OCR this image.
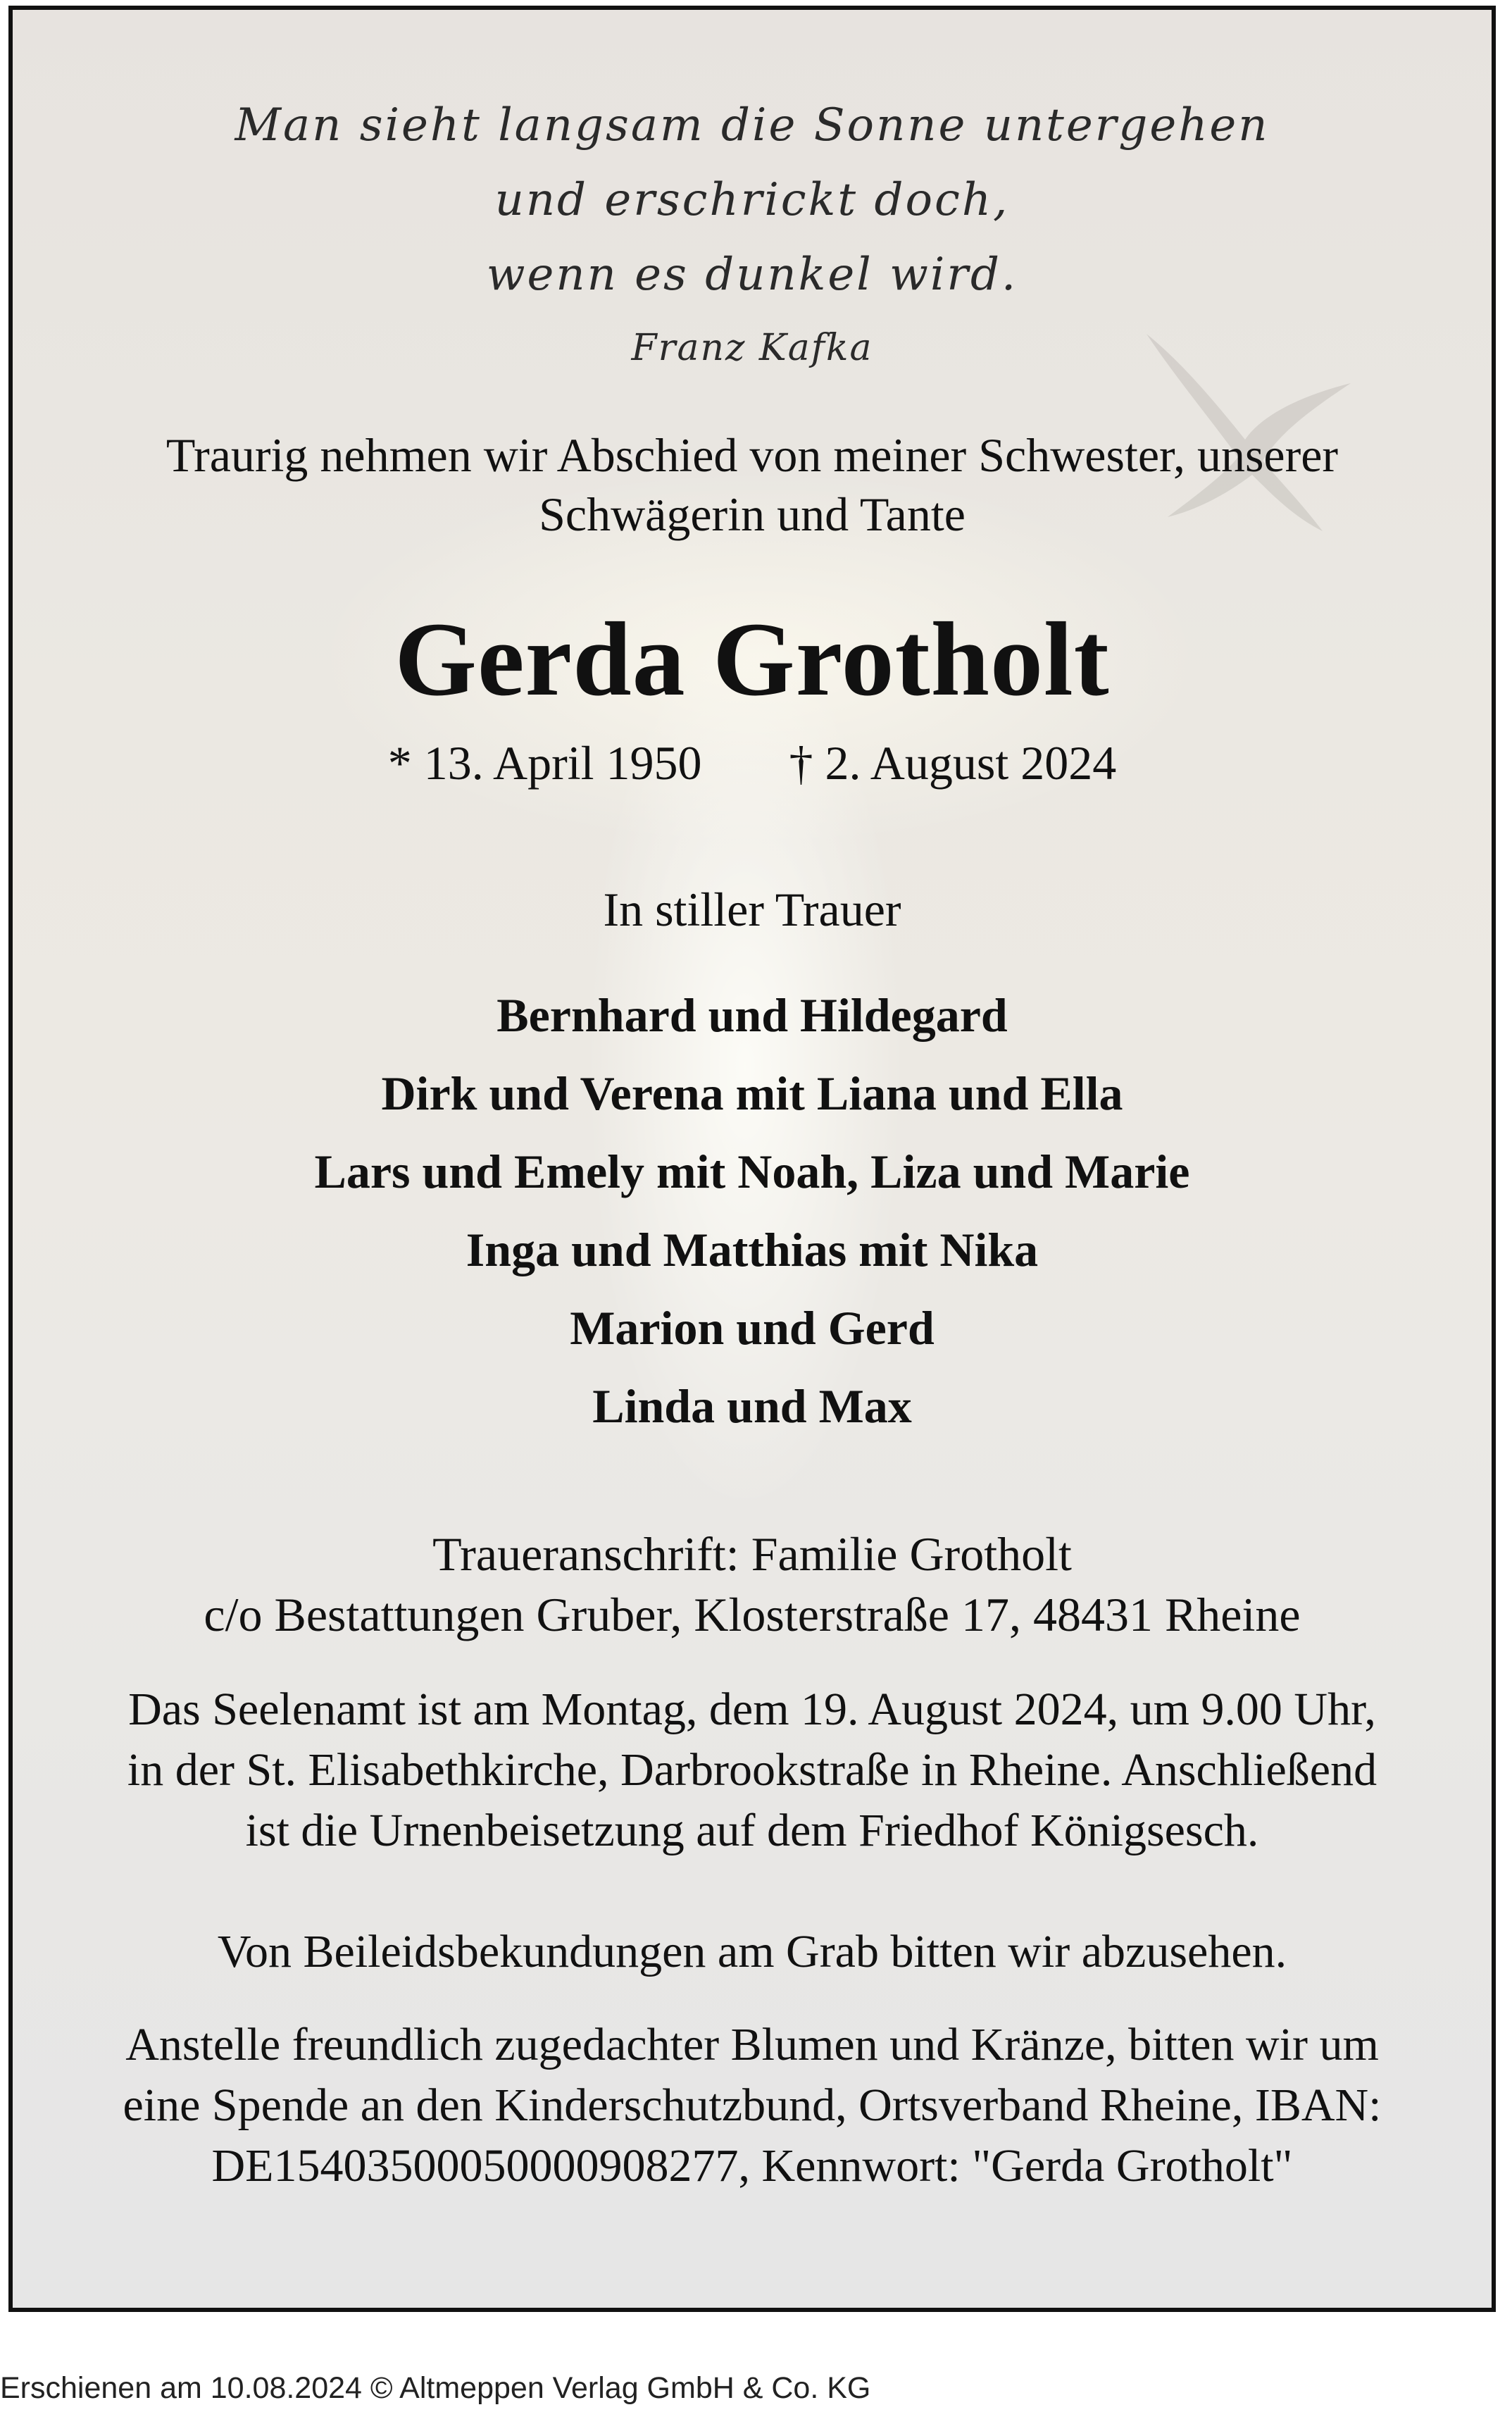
Man sieht langsam die Sonne untergehen
und erschrickt doch,
wenn es dunkel wird.
Franz Kafka
Traurig nehmen wir Abschied von meiner Schwester, unserer
Schwägerin und Tante
Gerda Grotholt
* 13. April 1950 † 2. August 2024
In stiller Trauer
Bernhard und Hildegard
Dirk und Verena mit Liana und Ella
Lars und Emely mit Noah, Liza und Marie
Inga und Matthias mit Nika
Marion und Gerd
Linda und Max
Traueranschrift: Familie Grotholt
c/o Bestattungen Gruber, Klosterstraße 17, 48431 Rheine
Das Seelenamt ist am Montag, dem 19. August 2024, um 9.00 Uhr, in der St. Elisabethkirche, Darbrookstraße in Rheine. Anschließend ist die Urnenbeisetzung auf dem Friedhof Königsesch.
Von Beileidsbekundungen am Grab bitten wir abzusehen.
Anstelle freundlich zugedachter Blumen und Kränze, bitten wir um eine Spende an den Kinderschutzbund, Ortsverband Rheine, IBAN: DE15403500050000908277, Kennwort: "Gerda Grotholt"
Erschienen am 10.08.2024 © Altmeppen Verlag GmbH & Co. KG
